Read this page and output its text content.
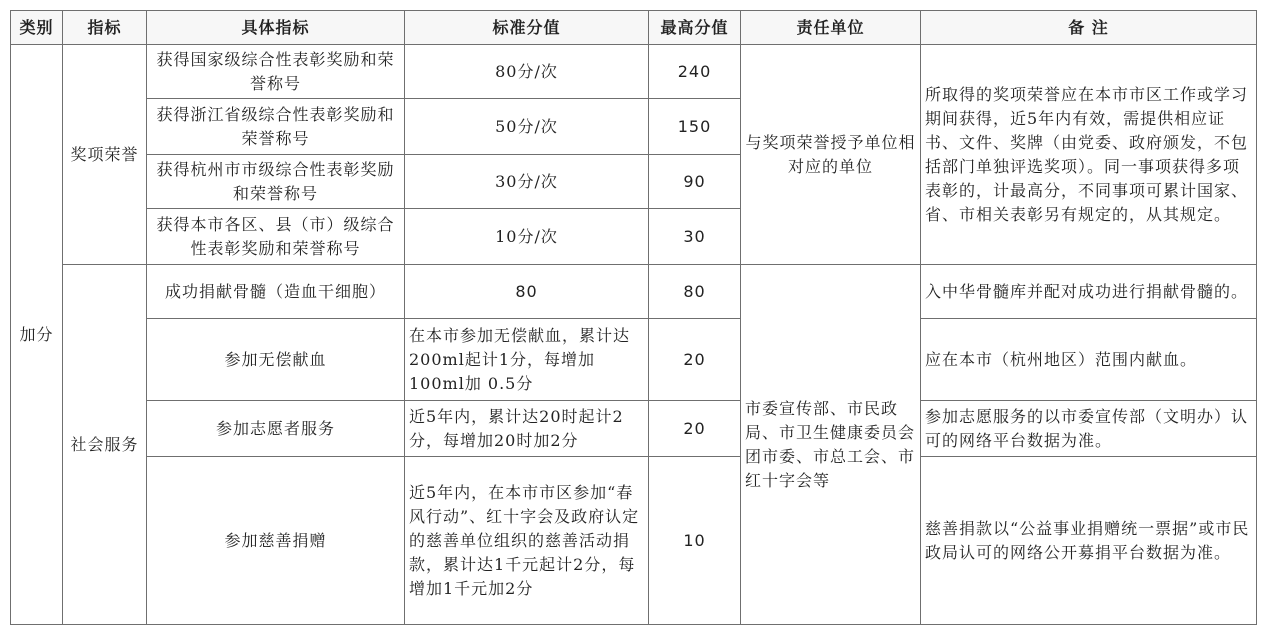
类别	指标	具体指标	标准分值	最高分值	责任单位	备 注
加分	奖项荣誉	获得国家级综合性表彰奖励和荣誉称号	80分/次	240	与奖项荣誉授予单位相对应的单位	所取得的奖项荣誉应在本市市区工作或学习期间获得，近5年内有效，需提供相应证书、文件、奖牌（由党委、政府颁发，不包括部门单独评选奖项）。同一事项获得多项表彰的，计最高分，不同事项可累计国家、省、市相关表彰另有规定的，从其规定。
		获得浙江省级综合性表彰奖励和荣誉称号	50分/次	150		
		获得杭州市市级综合性表彰奖励和荣誉称号	30分/次	90		
		获得本市各区、县（市）级综合性表彰奖励和荣誉称号	10分/次	30		
	社会服务	成功捐献骨髓（造血干细胞）	80	80	市委宣传部、市民政局、市卫生健康委员会团市委、市总工会、市红十字会等	入中华骨髓库并配对成功进行捐献骨髓的。
		参加无偿献血	在本市参加无偿献血，累计达200ml起计1分，每增加100ml加 0.5分	20		应在本市（杭州地区）范围内献血。
		参加志愿者服务	近5年内，累计达20时起计2分，每增加20时加2分	20		参加志愿服务的以市委宣传部（文明办）认可的网络平台数据为准。
		参加慈善捐赠	近5年内，在本市市区参加“春风行动”、红十字会及政府认定的慈善单位组织的慈善活动捐款，累计达1千元起计2分，每增加1千元加2分	10		慈善捐款以“公益事业捐赠统一票据”或市民政局认可的网络公开募捐平台数据为准。
